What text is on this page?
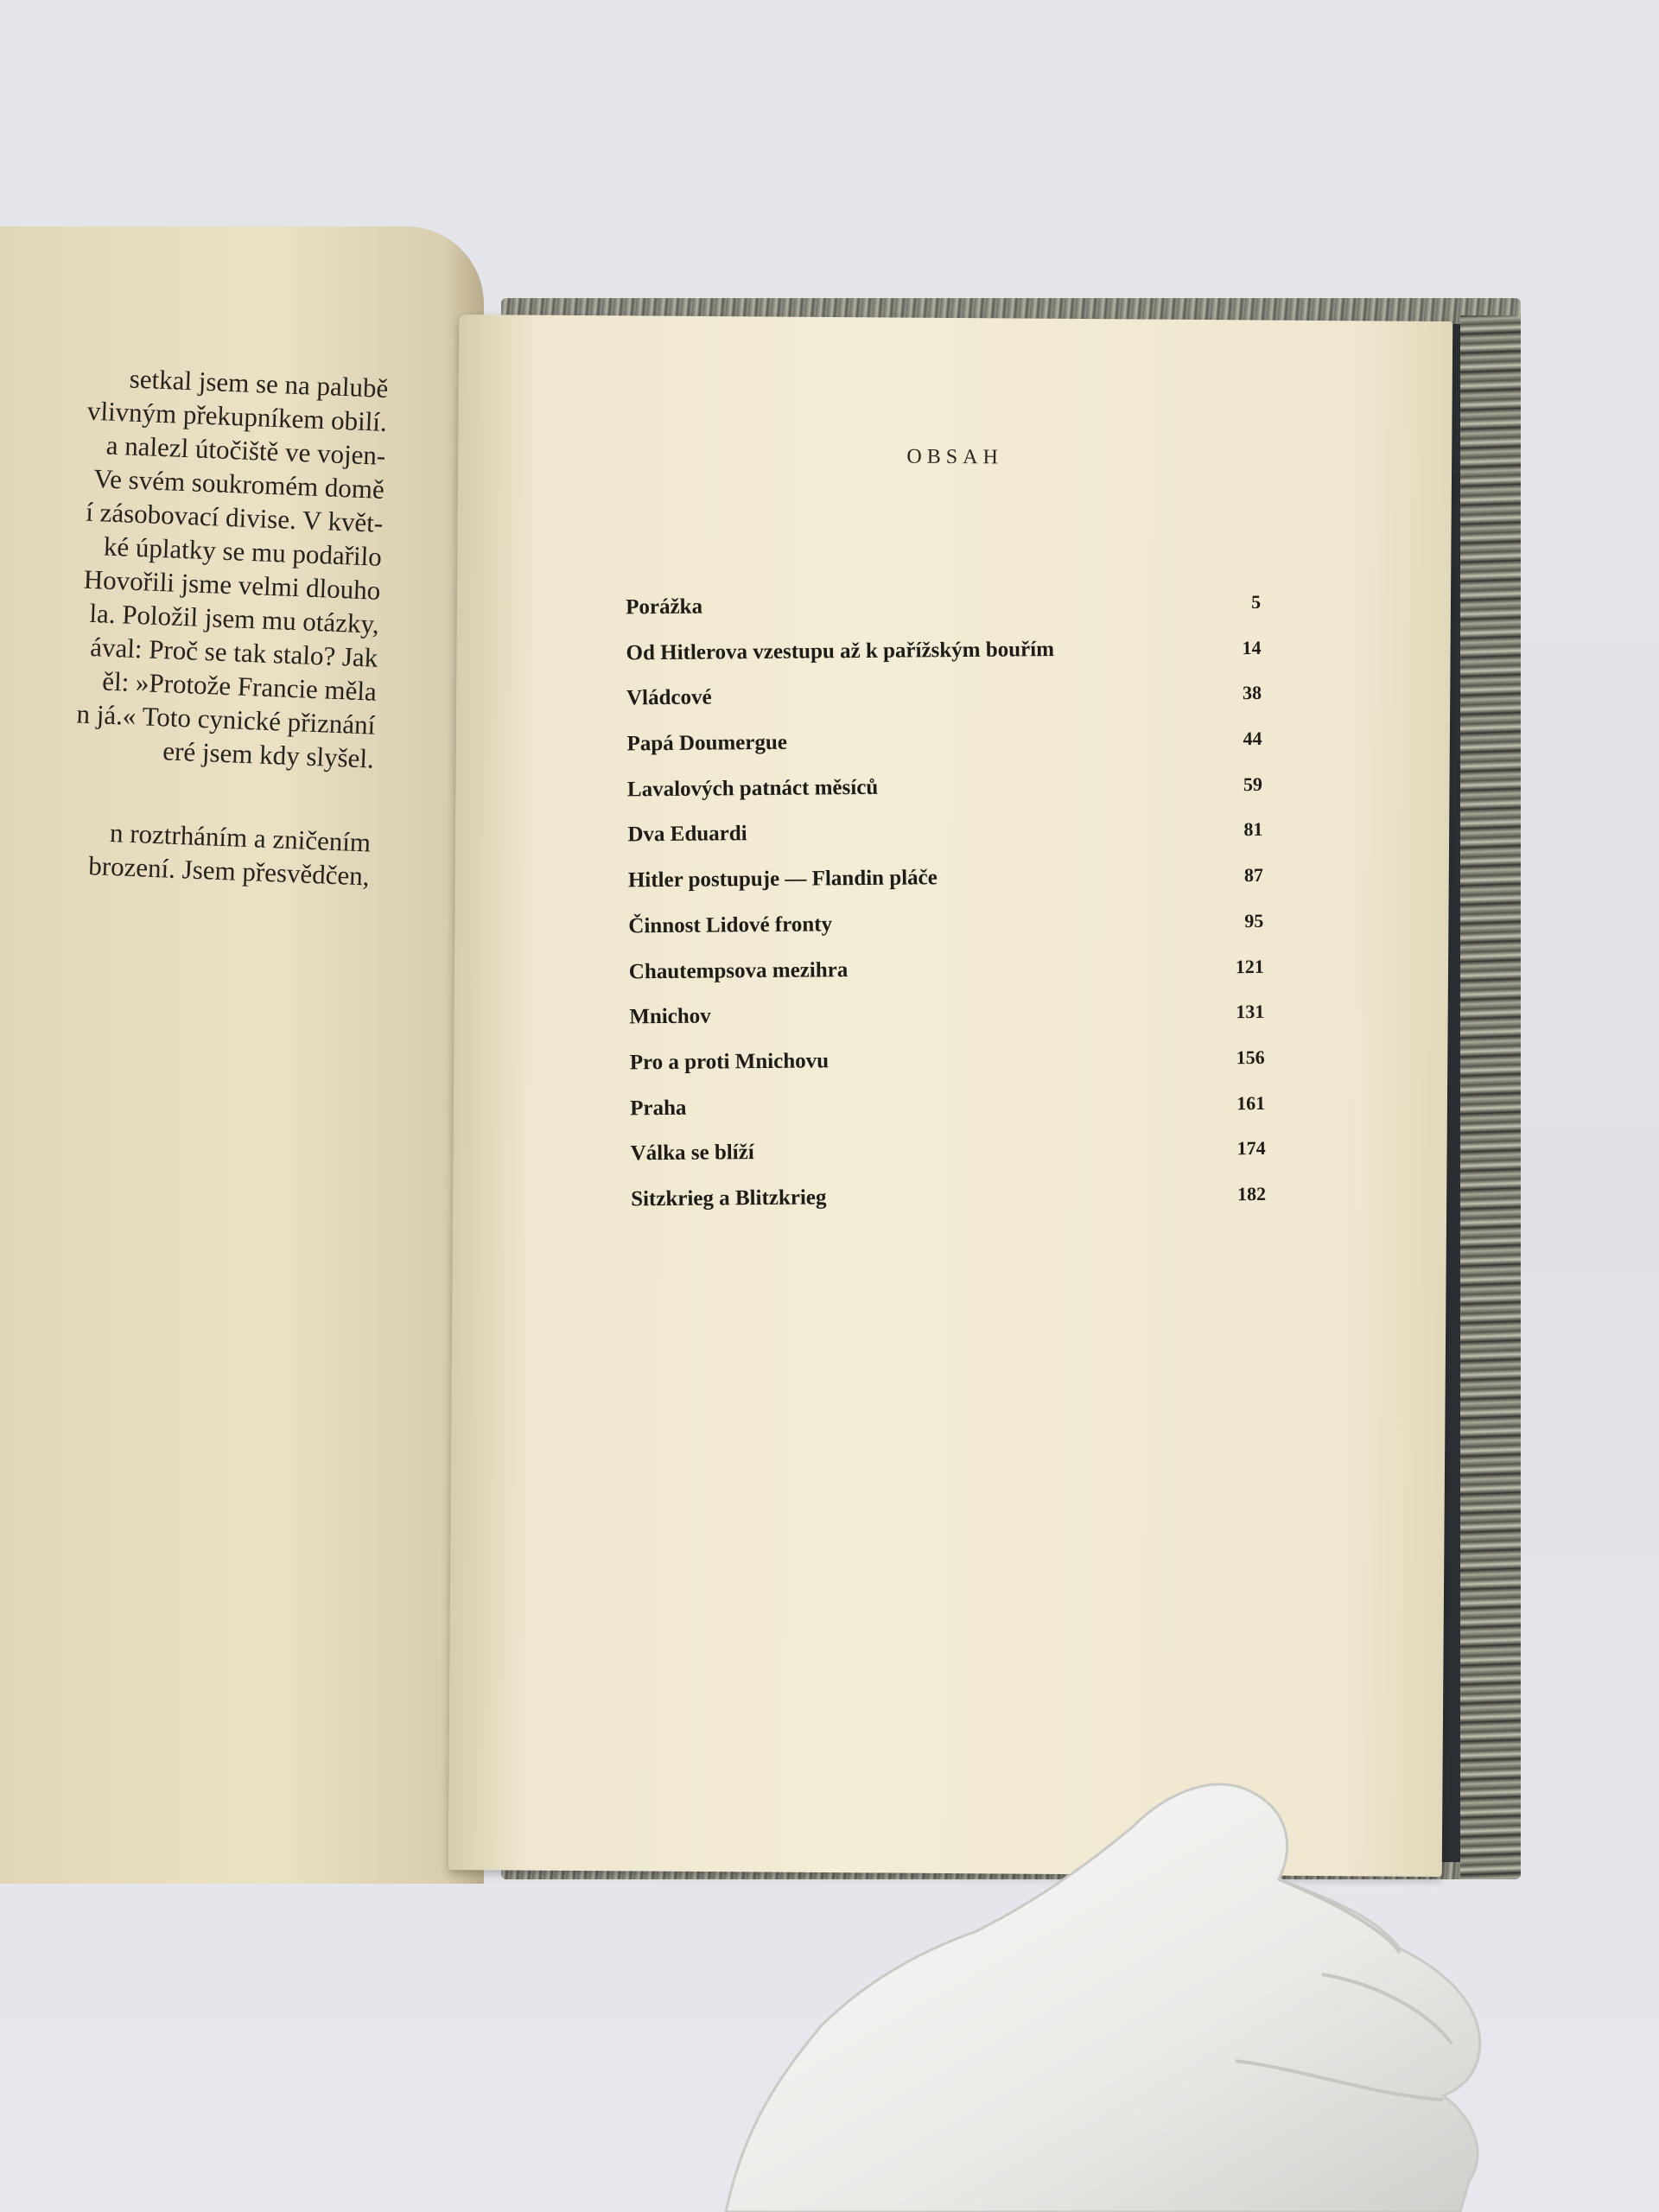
setkal jsem se na palubě
vlivným překupníkem obilí.
a nalezl útočiště ve vojen-
Ve svém soukromém domě
í zásobovací divise. V květ-
ké úplatky se mu podařilo
Hovořili jsme velmi dlouho
la. Položil jsem mu otázky,
ával: Proč se tak stalo? Jak
ěl: »Protože Francie měla
n já.« Toto cynické přiznání
eré jsem kdy slyšel.
n roztrháním a zničením
brození. Jsem přesvědčen,
OBSAH
Porážka	5
Od Hitlerova vzestupu až k pařížským bouřím	14
Vládcové	38
Papá Doumergue	44
Lavalových patnáct měsíců	59
Dva Eduardi	81
Hitler postupuje — Flandin pláče	87
Činnost Lidové fronty	95
Chautempsova mezihra	121
Mnichov	131
Pro a proti Mnichovu	156
Praha	161
Válka se blíží	174
Sitzkrieg a Blitzkrieg	182
